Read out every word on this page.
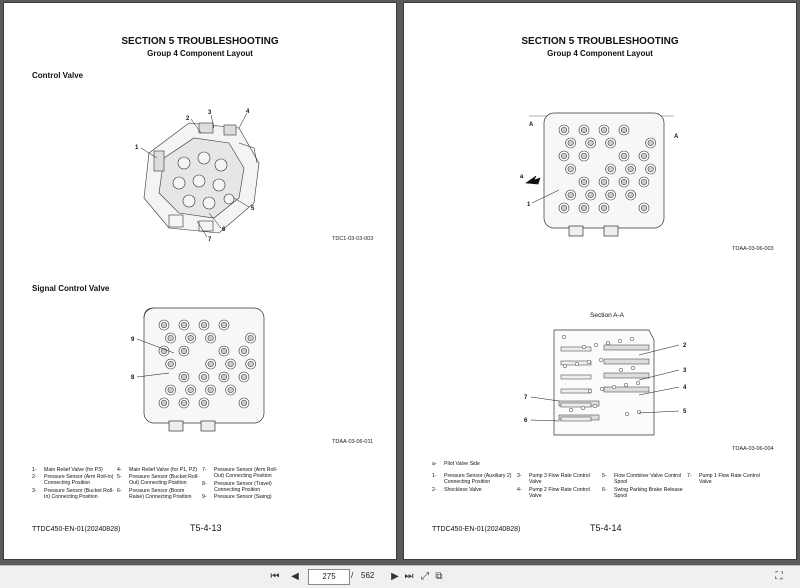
SECTION 5 TROUBLESHOOTING
Group 4 Component Layout
Control Valve
1
2
3	4
5
6
7	TDC1-03-03-003
Signal Control Valve
9
8
TDAA-03-06-011
1- Main Relief Valve (for P3)
2- Pressure Sensor (Arm Roll-In) Connecting Position
3- Pressure Sensor (Bucket Roll-In) Connecting Position
4- Main Relief Valve (for P1, P2)
5- Pressure Sensor (Bucket Roll-Out) Connecting Position
6- Pressure Sensor (Boom Raise) Connecting Position
7- Pressure Sensor (Arm Roll-Out) Connecting Position
8- Pressure Sensor (Travel) Connecting Position
9- Pressure Sensor (Swing)
TTDC450-EN-01(20240828)	T5-4-13
SECTION 5 TROUBLESHOOTING
Group 4 Component Layout
a
1
A
A
TDAA-03-06-003
Section A-A
2
3
4
5
7
6
TDAA-03-06-004
a- Pilot Valve Side
1- Pressure Sensor (Auxiliary 2) Connecting Position
2- Shockless Valve
3- Pump 3 Flow Rate Control Valve
4- Pump 2 Flow Rate Control Valve
5- Flow Combiner Valve Control Spool
6- Swing Parking Brake Release Spool
7- Pump 1 Flow Rate Control Valve
TTDC450-EN-01(20240828)	T5-4-14
⏮	◀	275	/ 562	▶ ⏭ ⤢ ⧉	⛶
